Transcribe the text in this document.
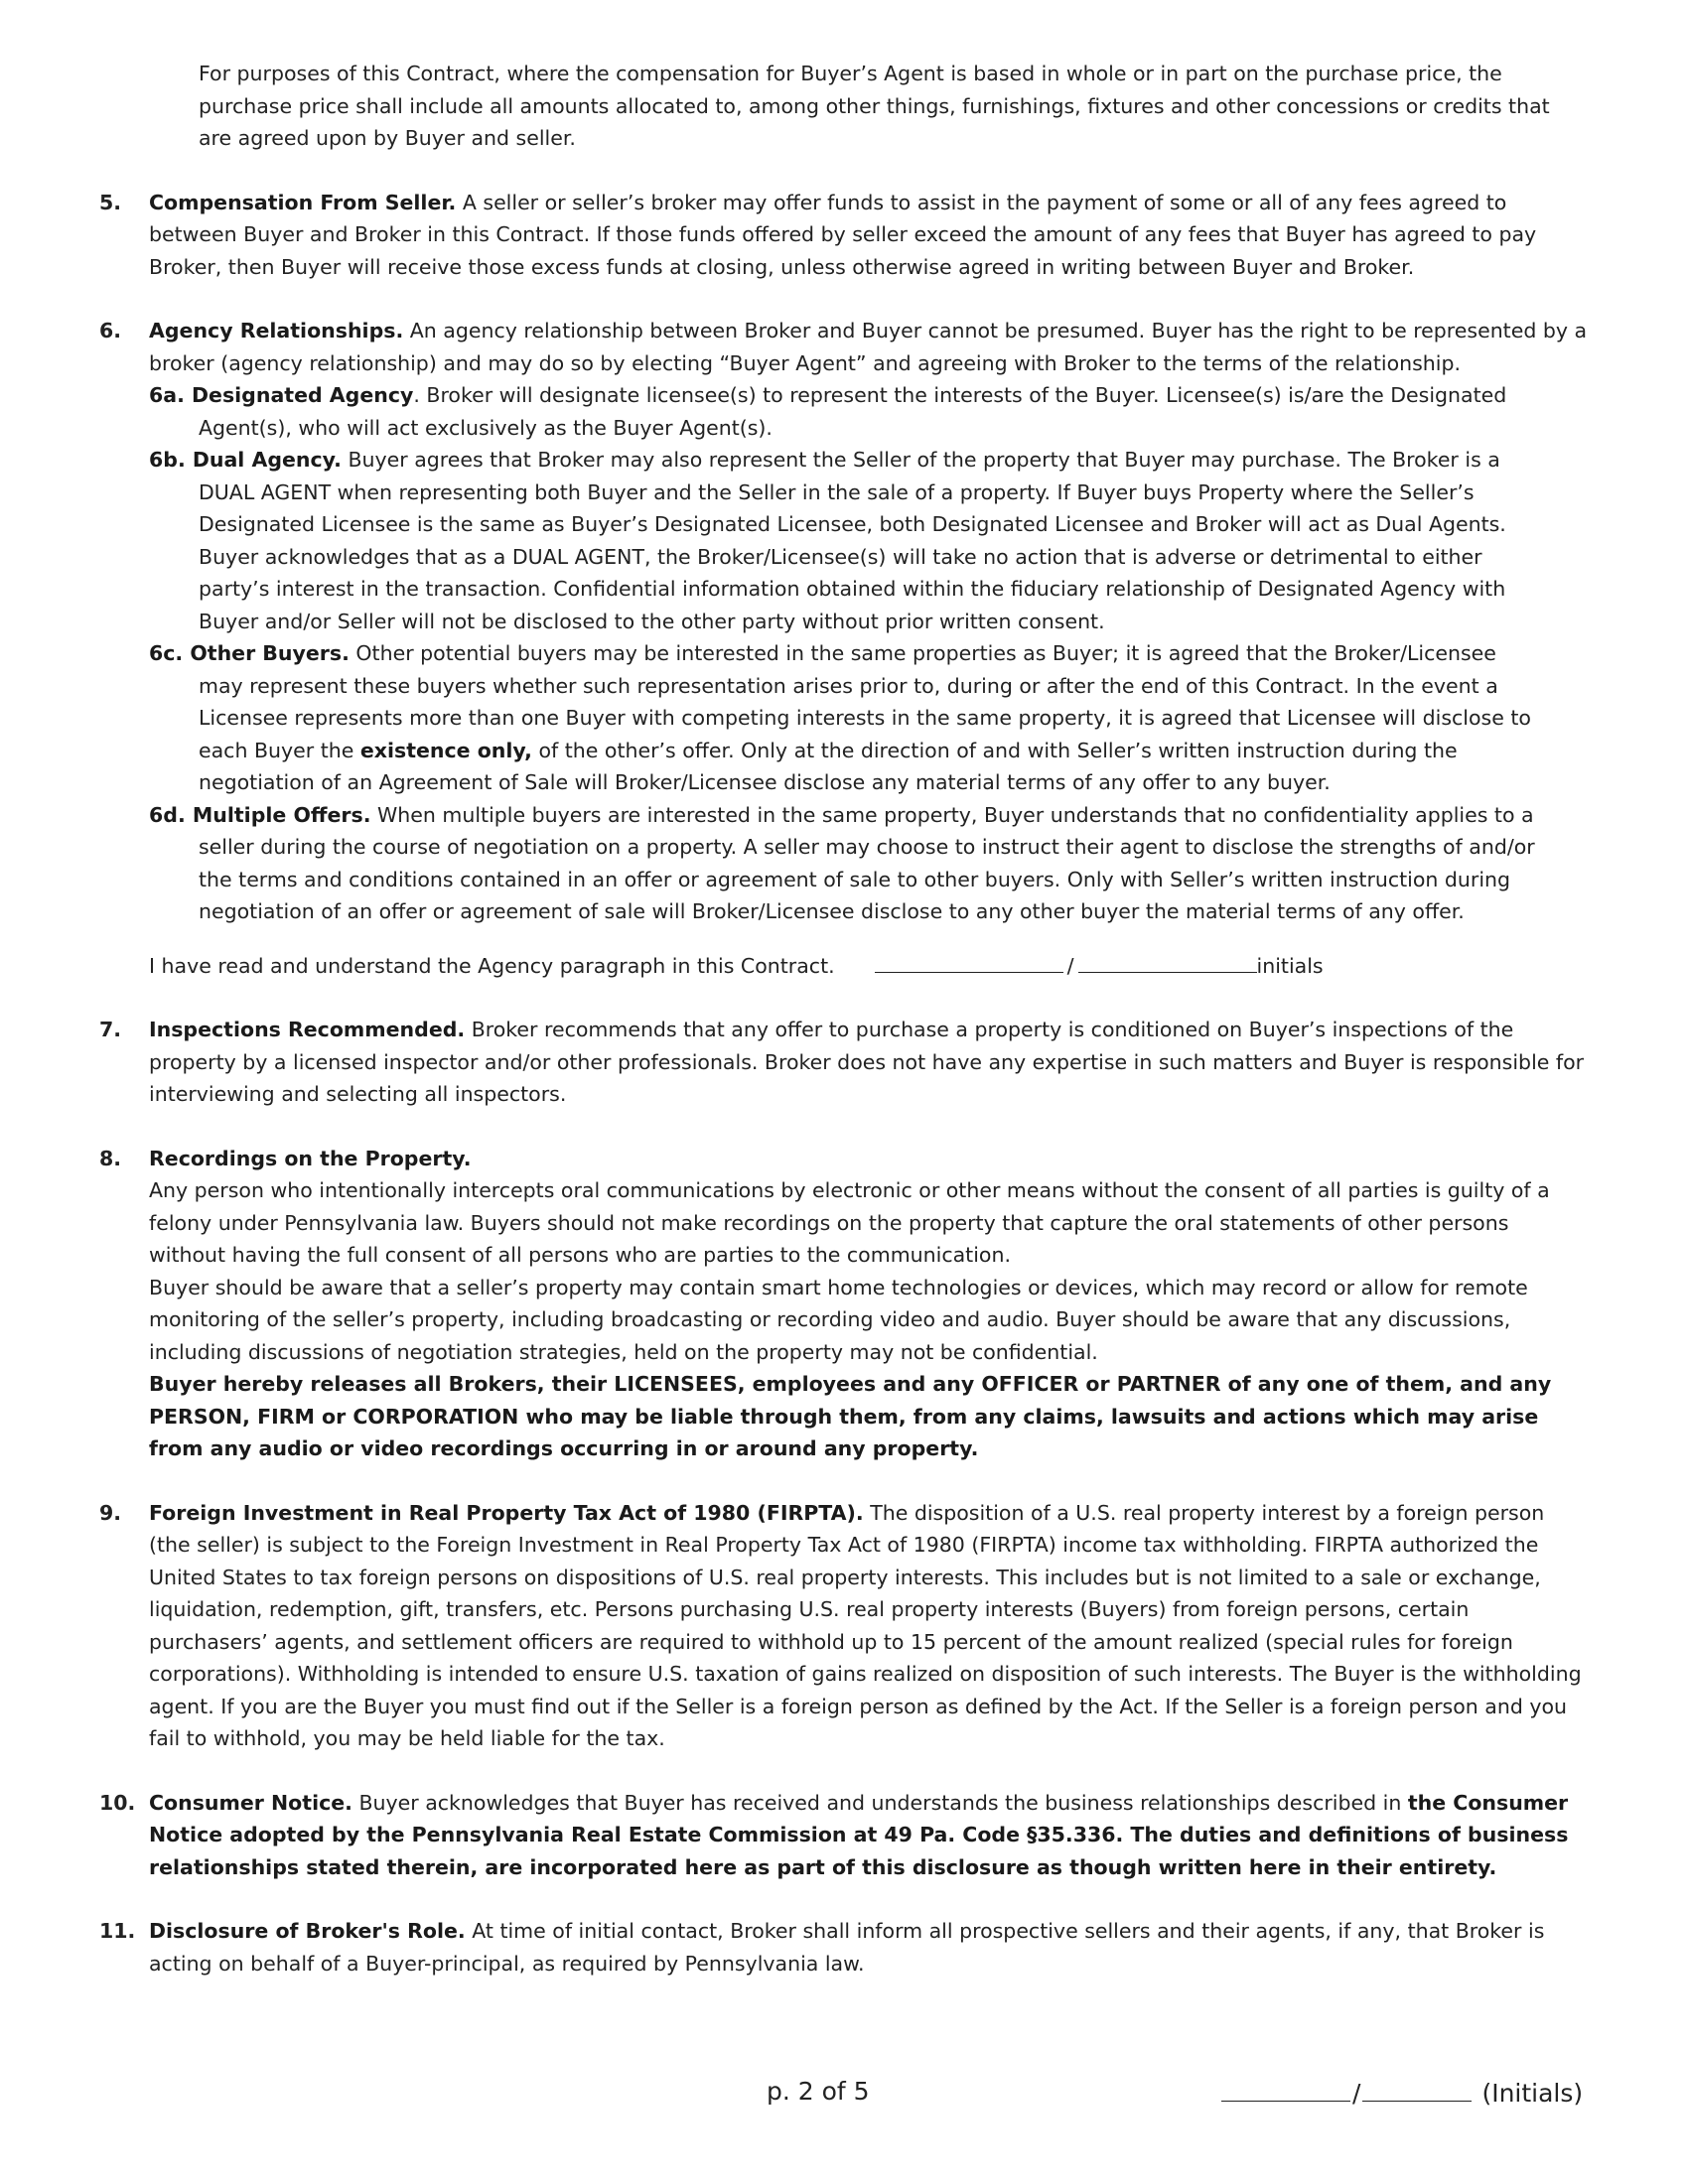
For purposes of this Contract, where the compensation for Buyer’s Agent is based in whole or in part on the purchase price, the purchase price shall include all amounts allocated to, among other things, furnishings, fixtures and other concessions or credits that are agreed upon by Buyer and seller.

5.	Compensation From Seller. A seller or seller’s broker may offer funds to assist in the payment of some or all of any fees agreed to between Buyer and Broker in this Contract. If those funds offered by seller exceed the amount of any fees that Buyer has agreed to pay Broker, then Buyer will receive those excess funds at closing, unless otherwise agreed in writing between Buyer and Broker.

6.	Agency Relationships. An agency relationship between Broker and Buyer cannot be presumed. Buyer has the right to be represented by a broker (agency relationship) and may do so by electing “Buyer Agent” and agreeing with Broker to the terms of the relationship.

6a. Designated Agency. Broker will designate licensee(s) to represent the interests of the Buyer. Licensee(s) is/are the Designated Agent(s), who will act exclusively as the Buyer Agent(s).

6b. Dual Agency. Buyer agrees that Broker may also represent the Seller of the property that Buyer may purchase. The Broker is a DUAL AGENT when representing both Buyer and the Seller in the sale of a property. If Buyer buys Property where the Seller’s Designated Licensee is the same as Buyer’s Designated Licensee, both Designated Licensee and Broker will act as Dual Agents. Buyer acknowledges that as a DUAL AGENT, the Broker/Licensee(s) will take no action that is adverse or detrimental to either party’s interest in the transaction. Confidential information obtained within the fiduciary relationship of Designated Agency with Buyer and/or Seller will not be disclosed to the other party without prior written consent.

6c. Other Buyers. Other potential buyers may be interested in the same properties as Buyer; it is agreed that the Broker/Licensee may represent these buyers whether such representation arises prior to, during or after the end of this Contract. In the event a Licensee represents more than one Buyer with competing interests in the same property, it is agreed that Licensee will disclose to each Buyer the existence only, of the other’s offer. Only at the direction of and with Seller’s written instruction during the negotiation of an Agreement of Sale will Broker/Licensee disclose any material terms of any offer to any buyer.

6d. Multiple Offers. When multiple buyers are interested in the same property, Buyer understands that no confidentiality applies to a seller during the course of negotiation on a property. A seller may choose to instruct their agent to disclose the strengths of and/or the terms and conditions contained in an offer or agreement of sale to other buyers. Only with Seller’s written instruction during negotiation of an offer or agreement of sale will Broker/Licensee disclose to any other buyer the material terms of any offer.

I have read and understand the Agency paragraph in this Contract.	/	initials
7.	Inspections Recommended. Broker recommends that any offer to purchase a property is conditioned on Buyer’s inspections of the property by a licensed inspector and/or other professionals. Broker does not have any expertise in such matters and Buyer is responsible for interviewing and selecting all inspectors.

8.	Recordings on the Property.

Any person who intentionally intercepts oral communications by electronic or other means without the consent of all parties is guilty of a felony under Pennsylvania law. Buyers should not make recordings on the property that capture the oral statements of other persons without having the full consent of all persons who are parties to the communication.

Buyer should be aware that a seller’s property may contain smart home technologies or devices, which may record or allow for remote monitoring of the seller’s property, including broadcasting or recording video and audio. Buyer should be aware that any discussions, including discussions of negotiation strategies, held on the property may not be confidential.

Buyer hereby releases all Brokers, their LICENSEES, employees and any OFFICER or PARTNER of any one of them, and any PERSON, FIRM or CORPORATION who may be liable through them, from any claims, lawsuits and actions which may arise from any audio or video recordings occurring in or around any property.

9.	Foreign Investment in Real Property Tax Act of 1980 (FIRPTA). The disposition of a U.S. real property interest by a foreign person (the seller) is subject to the Foreign Investment in Real Property Tax Act of 1980 (FIRPTA) income tax withholding. FIRPTA authorized the United States to tax foreign persons on dispositions of U.S. real property interests. This includes but is not limited to a sale or exchange, liquidation, redemption, gift, transfers, etc. Persons purchasing U.S. real property interests (Buyers) from foreign persons, certain purchasers’ agents, and settlement officers are required to withhold up to 15 percent of the amount realized (special rules for foreign corporations). Withholding is intended to ensure U.S. taxation of gains realized on disposition of such interests. The Buyer is the withholding agent. If you are the Buyer you must find out if the Seller is a foreign person as defined by the Act. If the Seller is a foreign person and you fail to withhold, you may be held liable for the tax.

10. Consumer Notice. Buyer acknowledges that Buyer has received and understands the business relationships described in the Consumer Notice adopted by the Pennsylvania Real Estate Commission at 49 Pa. Code §35.336. The duties and definitions of business relationships stated therein, are incorporated here as part of this disclosure as though written here in their entirety.

11. Disclosure of Broker's Role. At time of initial contact, Broker shall inform all prospective sellers and their agents, if any, that Broker is acting on behalf of a Buyer-principal, as required by Pennsylvania law.

p. 2 of 5	/	(Initials)
